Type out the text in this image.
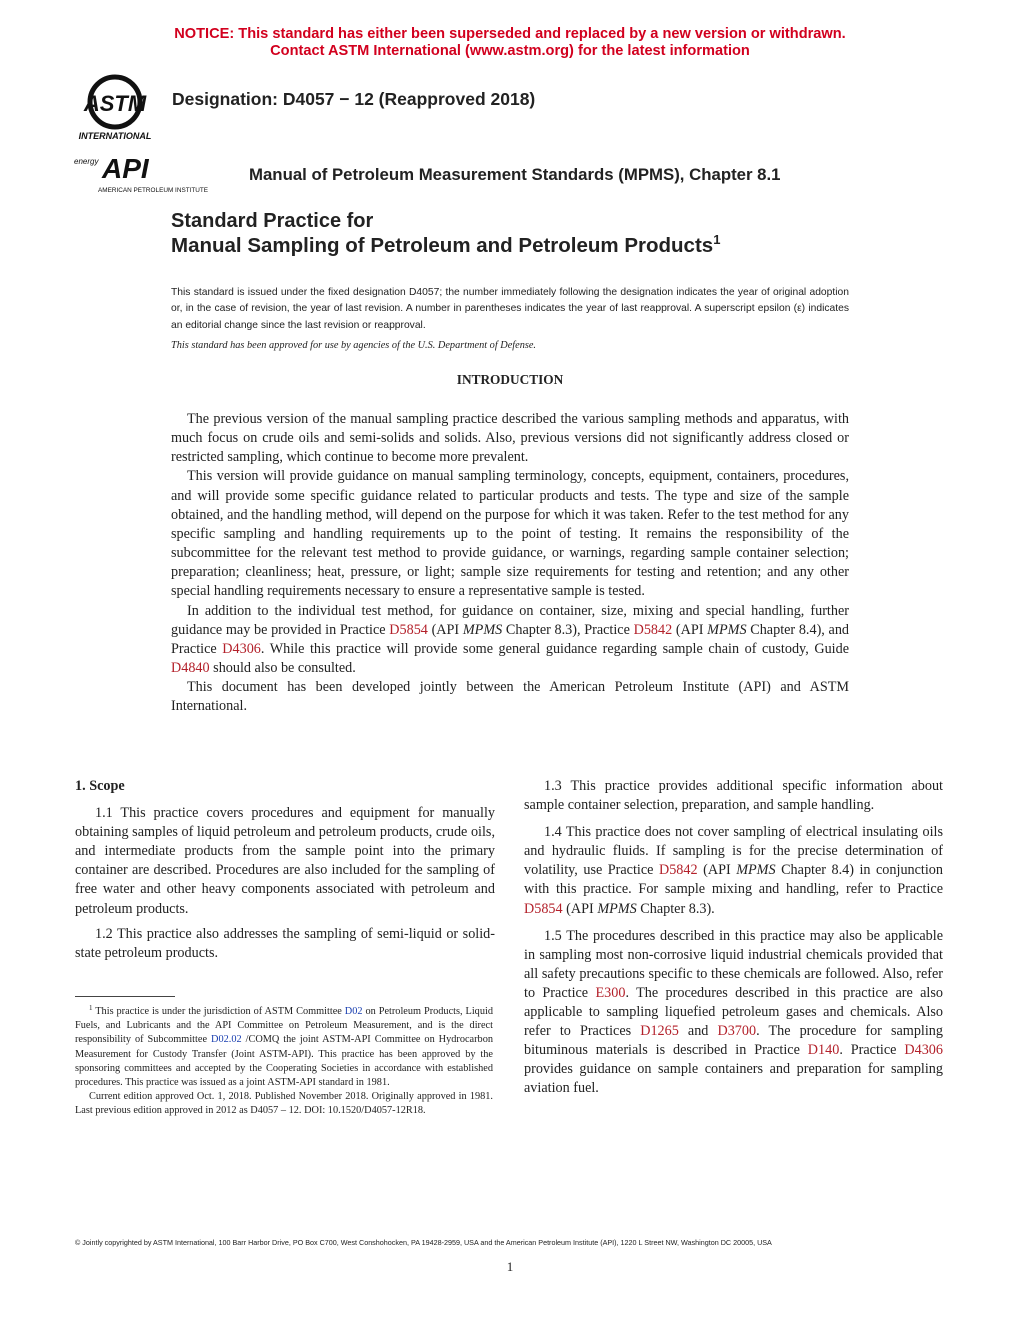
NOTICE: This standard has either been superseded and replaced by a new version or withdrawn.
Contact ASTM International (www.astm.org) for the latest information
ASTM
INTERNATIONAL
energy API
AMERICAN PETROLEUM INSTITUTE
Designation: D4057 − 12 (Reapproved 2018)
Manual of Petroleum Measurement Standards (MPMS), Chapter 8.1
Standard Practice for
Manual Sampling of Petroleum and Petroleum Products$^1$
This standard is issued under the fixed designation D4057; the number immediately following the designation indicates the year of original adoption or, in the case of revision, the year of last revision. A number in parentheses indicates the year of last reapproval. A superscript epsilon (ε) indicates an editorial change since the last revision or reapproval.
This standard has been approved for use by agencies of the U.S. Department of Defense.
INTRODUCTION

The previous version of the manual sampling practice described the various sampling methods and apparatus, with much focus on crude oils and semi-solids and solids. Also, previous versions did not significantly address closed or restricted sampling, which continue to become more prevalent.

This version will provide guidance on manual sampling terminology, concepts, equipment, containers, procedures, and will provide some specific guidance related to particular products and tests. The type and size of the sample obtained, and the handling method, will depend on the purpose for which it was taken. Refer to the test method for any specific sampling and handling requirements up to the point of testing. It remains the responsibility of the subcommittee for the relevant test method to provide guidance, or warnings, regarding sample container selection; preparation; cleanliness; heat, pressure, or light; sample size requirements for testing and retention; and any other special handling requirements necessary to ensure a representative sample is tested.

In addition to the individual test method, for guidance on container, size, mixing and special handling, further guidance may be provided in Practice D5854 (API MPMS Chapter 8.3), Practice D5842 (API MPMS Chapter 8.4), and Practice D4306. While this practice will provide some general guidance regarding sample chain of custody, Guide D4840 should also be consulted.

This document has been developed jointly between the American Petroleum Institute (API) and ASTM International.

1. Scope

1.1 This practice covers procedures and equipment for manually obtaining samples of liquid petroleum and petroleum products, crude oils, and intermediate products from the sample point into the primary container are described. Procedures are also included for the sampling of free water and other heavy components associated with petroleum and petroleum products.

1.2 This practice also addresses the sampling of semi-liquid or solid-state petroleum products.

$^1$ This practice is under the jurisdiction of ASTM Committee D02 on Petroleum Products, Liquid Fuels, and Lubricants and the API Committee on Petroleum Measurement, and is the direct responsibility of Subcommittee D02.02 /COMQ the joint ASTM-API Committee on Hydrocarbon Measurement for Custody Transfer (Joint ASTM-API). This practice has been approved by the sponsoring committees and accepted by the Cooperating Societies in accordance with established procedures. This practice was issued as a joint ASTM-API standard in 1981.

Current edition approved Oct. 1, 2018. Published November 2018. Originally approved in 1981. Last previous edition approved in 2012 as D4057 – 12. DOI: 10.1520/D4057-12R18.

1.3 This practice provides additional specific information about sample container selection, preparation, and sample handling.

1.4 This practice does not cover sampling of electrical insulating oils and hydraulic fluids. If sampling is for the precise determination of volatility, use Practice D5842 (API MPMS Chapter 8.4) in conjunction with this practice. For sample mixing and handling, refer to Practice D5854 (API MPMS Chapter 8.3).

1.5 The procedures described in this practice may also be applicable in sampling most non-corrosive liquid industrial chemicals provided that all safety precautions specific to these chemicals are followed. Also, refer to Practice E300. The procedures described in this practice are also applicable to sampling liquefied petroleum gases and chemicals. Also refer to Practices D1265 and D3700. The procedure for sampling bituminous materials is described in Practice D140. Practice D4306 provides guidance on sample containers and preparation for sampling aviation fuel.

© Jointly copyrighted by ASTM International, 100 Barr Harbor Drive, PO Box C700, West Conshohocken, PA 19428-2959, USA and the American Petroleum Institute (API), 1220 L Street NW, Washington DC 20005, USA
1
